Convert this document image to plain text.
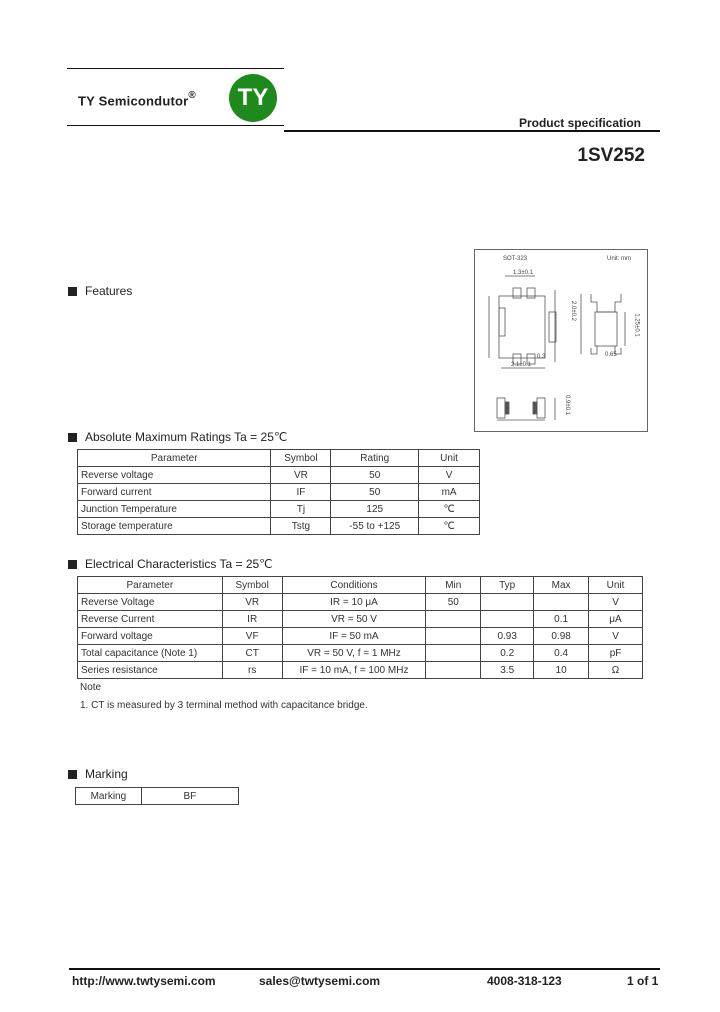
TY Semicondutor® TY
Product specification
1SV252
SOT-323	Unit: mm
1.3±0.1
2.0±0.2
1.25±0.1
2.1±0.1
0.3	0.65
0.9±0.1
Features
Absolute Maximum Ratings Ta = 25℃
Parameter	Symbol	Rating	Unit
Reverse voltage	VR	50	V
Forward current	IF	50	mA
Junction Temperature	Tj	125	℃
Storage temperature	Tstg	-55 to +125	℃
Electrical Characteristics Ta = 25℃
Parameter	Symbol	Conditions	Min	Typ	Max	Unit
Reverse Voltage	VR	IR = 10 μA	50			V
Reverse Current	IR	VR = 50 V			0.1	μA
Forward voltage	VF	IF = 50 mA		0.93	0.98	V
Total capacitance (Note 1)	CT	VR = 50 V, f = 1 MHz		0.2	0.4	pF
Series resistance	rs	IF = 10 mA, f = 100 MHz		3.5	10	Ω
Note
1. CT is measured by 3 terminal method with capacitance bridge.
Marking
Marking	BF
http://www.twtysemi.com	sales@twtysemi.com	4008-318-123	1 of 1
